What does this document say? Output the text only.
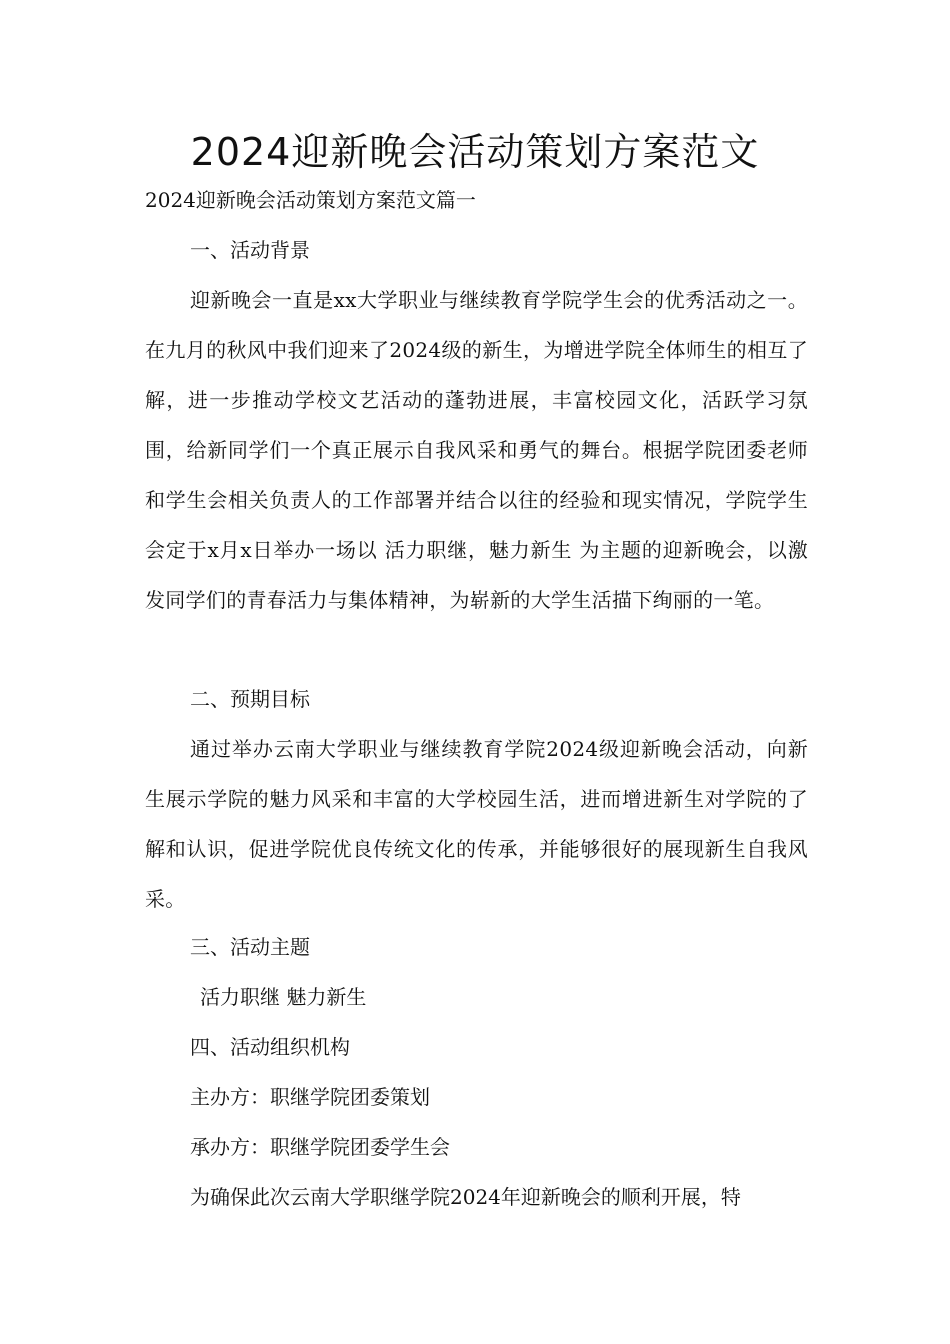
2024迎新晚会活动策划方案范文

2024迎新晚会活动策划方案范文篇一

一、活动背景

迎新晚会一直是xx大学职业与继续教育学院学生会的优秀活动之一。在九月的秋风中我们迎来了2024级的新生，为增进学院全体师生的相互了解，进一步推动学校文艺活动的蓬勃进展，丰富校园文化，活跃学习氛围，给新同学们一个真正展示自我风采和勇气的舞台。根据学院团委老师和学生会相关负责人的工作部署并结合以往的经验和现实情况，学院学生会定于x月x日举办一场以 活力职继，魅力新生 为主题的迎新晚会，以激发同学们的青春活力与集体精神，为崭新的大学生活描下绚丽的一笔。

二、预期目标

通过举办云南大学职业与继续教育学院2024级迎新晚会活动，向新生展示学院的魅力风采和丰富的大学校园生活，进而增进新生对学院的了解和认识，促进学院优良传统文化的传承，并能够很好的展现新生自我风采。

三、活动主题

活力职继 魅力新生

四、活动组织机构

主办方：职继学院团委策划

承办方：职继学院团委学生会

为确保此次云南大学职继学院2024年迎新晚会的顺利开展，特
